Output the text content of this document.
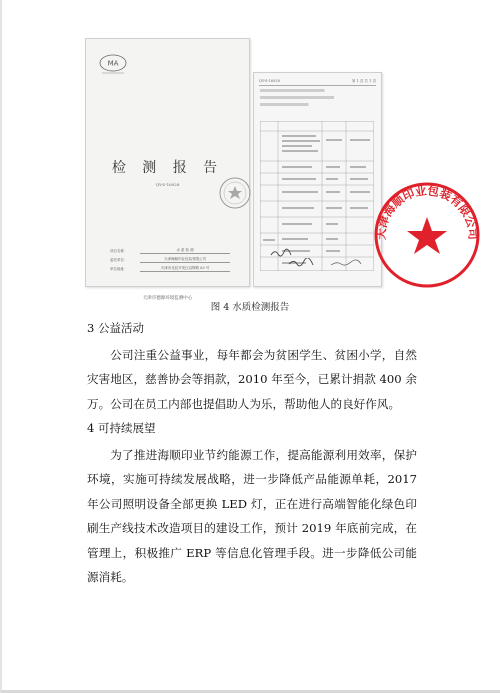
MA
检 测 报 告
QY-S-16928
项目名称：	水 质 检 测
委托单位：	天津海顺印业包装有限公司
单位地址：	天津市北辰开发区双辉路 63 号
天津市德源环境监测中心
QY-S-16928	第 1 页 共 1 页
天津海顺印业包装有限公司
图 4 水质检测报告
3 公益活动

公司注重公益事业，每年都会为贫困学生、贫困小学，自然灾害地区，慈善协会等捐款，2010 年至今，已累计捐款 400 余万。公司在员工内部也提倡助人为乐，帮助他人的良好作风。

4 可持续展望

为了推进海顺印业节约能源工作，提高能源利用效率，保护环境，实施可持续发展战略，进一步降低产品能源单耗，2017 年公司照明设备全部更换 LED 灯，正在进行高端智能化绿色印刷生产线技术改造项目的建设工作，预计 2019 年底前完成，在管理上，积极推广 ERP 等信息化管理手段。进一步降低公司能源消耗。
